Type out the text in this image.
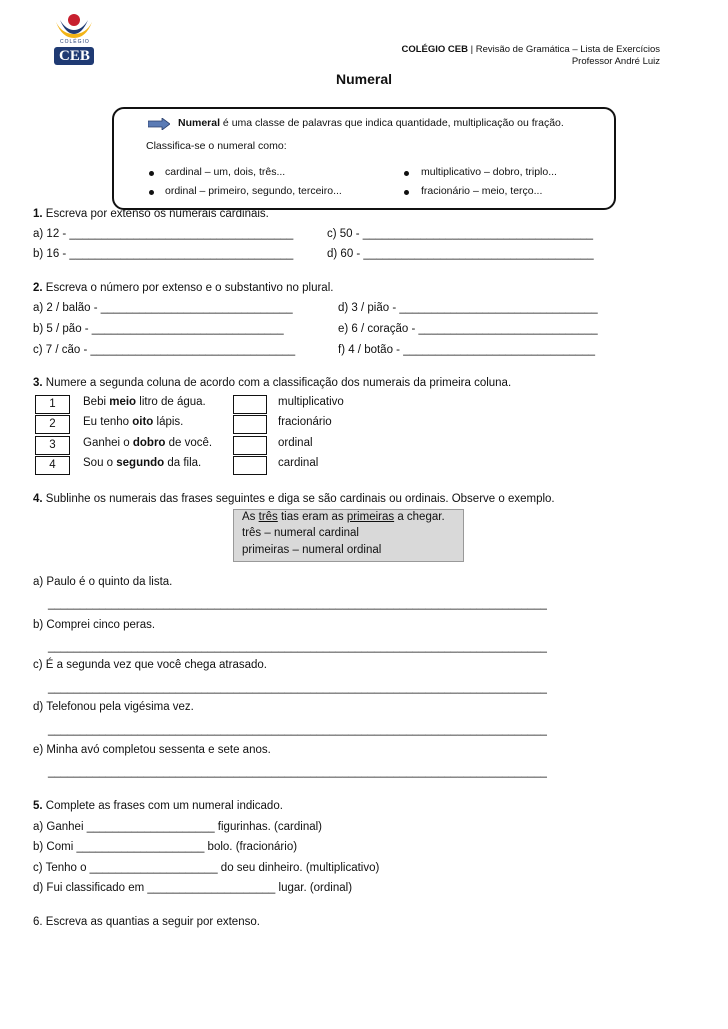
COLÉGIO
CEB	COLÉGIO CEB | Revisão de Gramática – Lista de Exercícios
Professor André Luiz
Numeral
Numeral é uma classe de palavras que indica quantidade, multiplicação ou fração.
Classifica-se o numeral como:
cardinal – um, dois, três...	multiplicativo – dobro, triplo...
ordinal – primeiro, segundo, terceiro...	fracionário – meio, terço...
1. Escreva por extenso os numerais cardinais.
a) 12 - ___________________________________	c) 50 - ____________________________________
b) 16 - ___________________________________	d) 60 - ____________________________________
2. Escreva o número por extenso e o substantivo no plural.
a) 2 / balão - ______________________________	d) 3 / pião - _______________________________
b) 5 / pão - ______________________________	e) 6 / coração - ____________________________
c) 7 / cão - ________________________________	f) 4 / botão - ______________________________
3. Numere a segunda coluna de acordo com a classificação dos numerais da primeira coluna.
1	Bebi meio litro de água.	multiplicativo
2	Eu tenho oito lápis.	fracionário
3	Ganhei o dobro de você.	ordinal
4	Sou o segundo da fila.	cardinal
4. Sublinhe os numerais das frases seguintes e diga se são cardinais ou ordinais. Observe o exemplo.
As três tias eram as primeiras a chegar.
três – numeral cardinal
primeiras – numeral ordinal
a) Paulo é o quinto da lista.
______________________________________________________________________________
b) Comprei cinco peras.
______________________________________________________________________________
c) É a segunda vez que você chega atrasado.
______________________________________________________________________________
d) Telefonou pela vigésima vez.
______________________________________________________________________________
e) Minha avó completou sessenta e sete anos.
______________________________________________________________________________
5. Complete as frases com um numeral indicado.
a) Ganhei ____________________ figurinhas. (cardinal)
b) Comi ____________________ bolo. (fracionário)
c) Tenho o ____________________ do seu dinheiro. (multiplicativo)
d) Fui classificado em ____________________ lugar. (ordinal)
6. Escreva as quantias a seguir por extenso.
